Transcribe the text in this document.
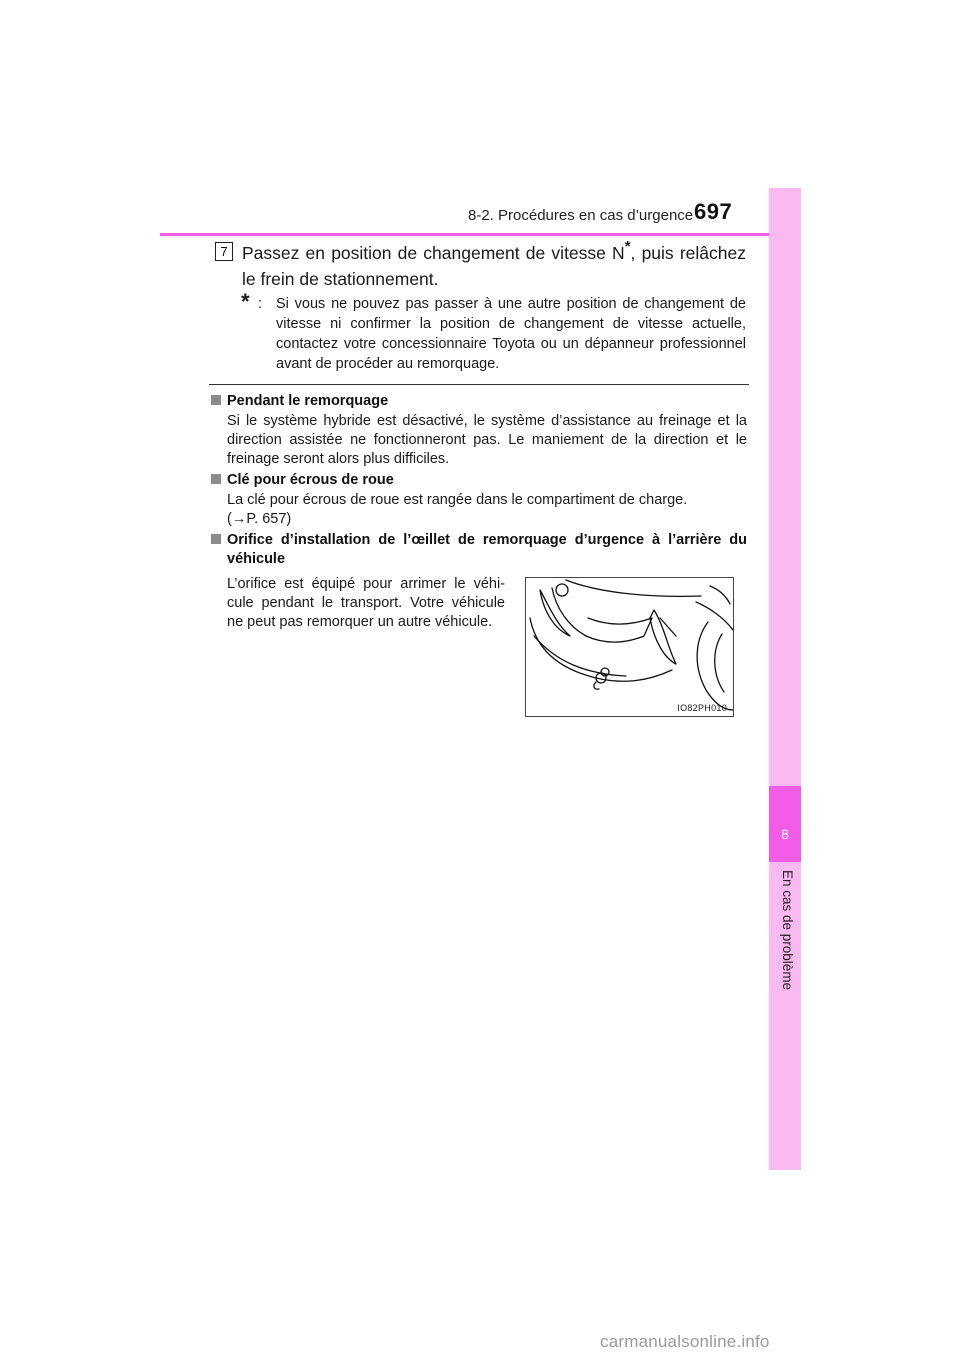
8-2. Procédures en cas d’urgence 697
8
En cas de problème
7 Passez en position de changement de vitesse N*, puis relâchez le frein de stationnement.
* : Si vous ne pouvez pas passer à une autre position de changement de
vitesse ni confirmer la position de changement de vitesse actuelle,
contactez votre concessionnaire Toyota ou un dépanneur professionnel
avant de procéder au remorquage.
Pendant le remorquage
Si le système hybride est désactivé, le système d’assistance au freinage et la
direction assistée ne fonctionneront pas. Le maniement de la direction et le
freinage seront alors plus difficiles.
Clé pour écrous de roue
La clé pour écrous de roue est rangée dans le compartiment de charge.
(→P. 657)
Orifice d’installation de l’œillet de remorquage d’urgence à l’arrière du
véhicule
L’orifice est équipé pour arrimer le véhi-
cule pendant le transport. Votre véhicule
ne peut pas remorquer un autre véhicule.
IO82PH010
carmanualsonline.info
